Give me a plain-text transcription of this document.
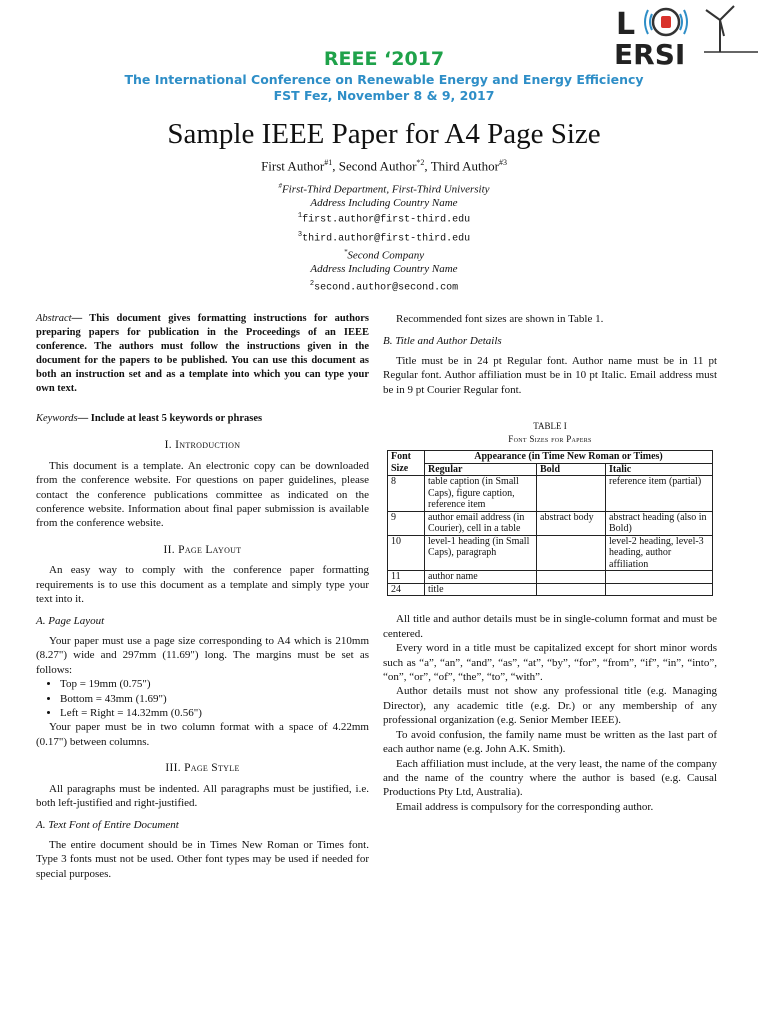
REEE ‘2017
The International Conference on Renewable Energy and Energy Efficiency
FST Fez, November 8 & 9, 2017
L
ERSI
Sample IEEE Paper for A4 Page Size
First Author$^{\#1}$, Second Author$^{*2}$, Third Author$^{\#3}$
#First-Third Department, First-Third University
Address Including Country Name
$^1$first.author@first-third.edu
$^3$third.author@first-third.edu
*Second Company
Address Including Country Name
$^2$second.author@second.com

Abstract— This document gives formatting instructions for authors preparing papers for publication in the Proceedings of an IEEE conference. The authors must follow the instructions given in the document for the papers to be published. You can use this document as both an instruction set and as a template into which you can type your own text.

Keywords— Include at least 5 keywords or phrases

I. Introduction

This document is a template. An electronic copy can be downloaded from the conference website. For questions on paper guidelines, please contact the conference publications committee as indicated on the conference website. Information about final paper submission is available from the conference website.

II. Page Layout

An easy way to comply with the conference paper formatting requirements is to use this document as a template and simply type your text into it.

A. Page Layout

Your paper must use a page size corresponding to A4 which is 210mm (8.27") wide and 297mm (11.69") long. The margins must be set as follows:

• Top = 19mm (0.75")
• Bottom = 43mm (1.69")
• Left = Right = 14.32mm (0.56")

Your paper must be in two column format with a space of 4.22mm (0.17") between columns.

III. Page Style

All paragraphs must be indented. All paragraphs must be justified, i.e. both left-justified and right-justified.

A. Text Font of Entire Document

The entire document should be in Times New Roman or Times font. Type 3 fonts must not be used. Other font types may be used if needed for special purposes.

Recommended font sizes are shown in Table 1.

B. Title and Author Details

Title must be in 24 pt Regular font. Author name must be in 11 pt Regular font. Author affiliation must be in 10 pt Italic. Email address must be in 9 pt Courier Regular font.

TABLE I
Font Sizes for Papers
Font Size	Appearance (in Time New Roman or Times)		
	Regular	Bold	Italic
8	table caption (in Small Caps), figure caption, reference item		reference item (partial)
9	author email address (in Courier), cell in a table	abstract body	abstract heading (also in Bold)
10	level-1 heading (in Small Caps), paragraph		level-2 heading, level-3 heading, author affiliation
11	author name		
24	title		

All title and author details must be in single-column format and must be centered.

Every word in a title must be capitalized except for short minor words such as “a”, “an”, “and”, “as”, “at”, “by”, “for”, “from”, “if”, “in”, “into”, “on”, “or”, “of”, “the”, “to”, “with”.

Author details must not show any professional title (e.g. Managing Director), any academic title (e.g. Dr.) or any membership of any professional organization (e.g. Senior Member IEEE).

To avoid confusion, the family name must be written as the last part of each author name (e.g. John A.K. Smith).

Each affiliation must include, at the very least, the name of the company and the name of the country where the author is based (e.g. Causal Productions Pty Ltd, Australia).

Email address is compulsory for the corresponding author.
